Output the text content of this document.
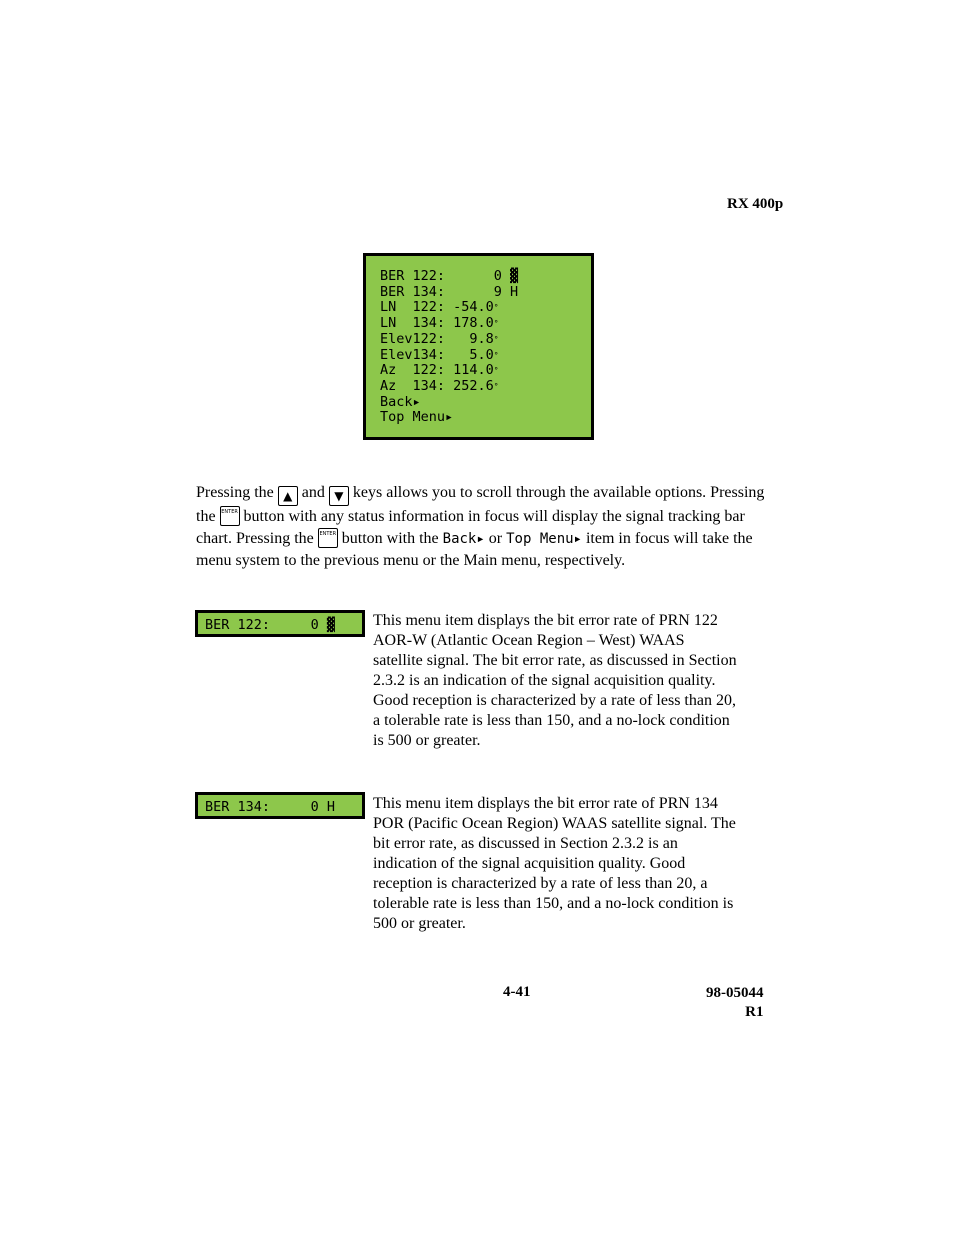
RX 400p
BER 122:      0 ▓
BER 134:      9 H
LN  122: -54.0°
LN  134: 178.0°
Elev122:   9.8°
Elev134:   5.0°
Az  122: 114.0°
Az  134: 252.6°
Back▸
Top Menu▸
Pressing the ▲ and ▼ keys allows you to scroll through the available options. Pressing the ENTER button with any status information in focus will display the signal tracking bar chart. Pressing the ENTER button with the Back▸ or Top Menu▸ item in focus will take the menu system to the previous menu or the Main menu, respectively.
BER 122:     0 ▓	This menu item displays the bit error rate of PRN 122 AOR-W (Atlantic Ocean Region – West) WAAS satellite signal. The bit error rate, as discussed in Section 2.3.2 is an indication of the signal acquisition quality. Good reception is characterized by a rate of less than 20, a tolerable rate is less than 150, and a no-lock condition is 500 or greater.
BER 134:     0 H	This menu item displays the bit error rate of PRN 134 POR (Pacific Ocean Region) WAAS satellite signal. The bit error rate, as discussed in Section 2.3.2 is an indication of the signal acquisition quality. Good reception is characterized by a rate of less than 20, a tolerable rate is less than 150, and a no-lock condition is 500 or greater.
4-41	98-05044
R1
